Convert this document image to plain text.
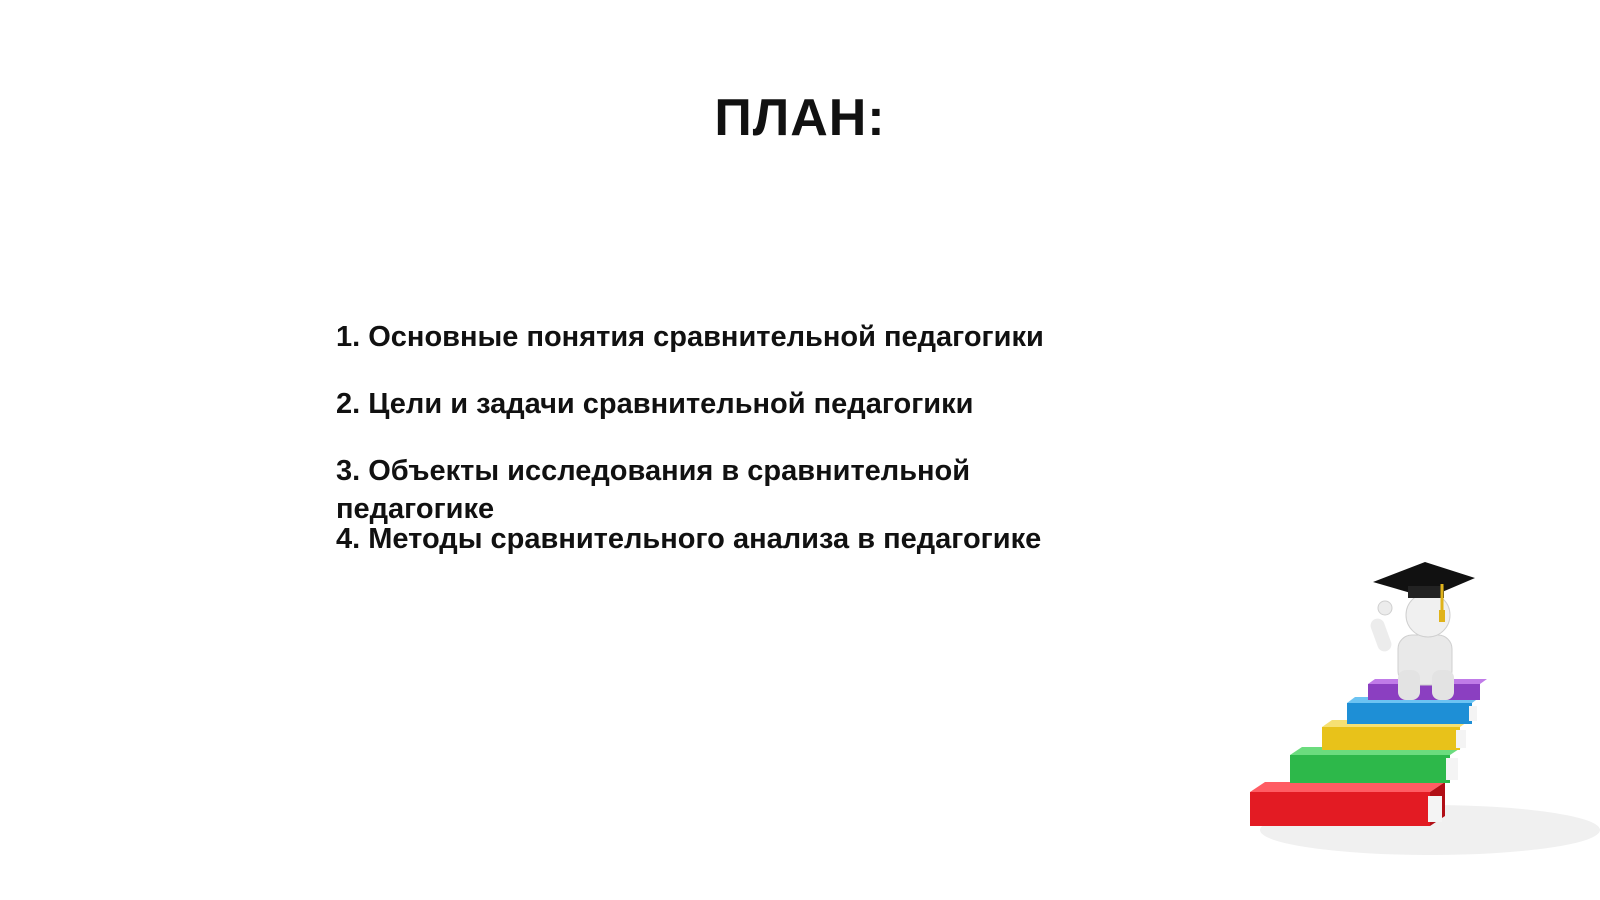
ПЛАН:
1. Основные понятия сравнительной педагогики
2. Цели и задачи сравнительной педагогики
3. Объекты исследования в сравнительной педагогике
4. Методы сравнительного анализа в педагогике
